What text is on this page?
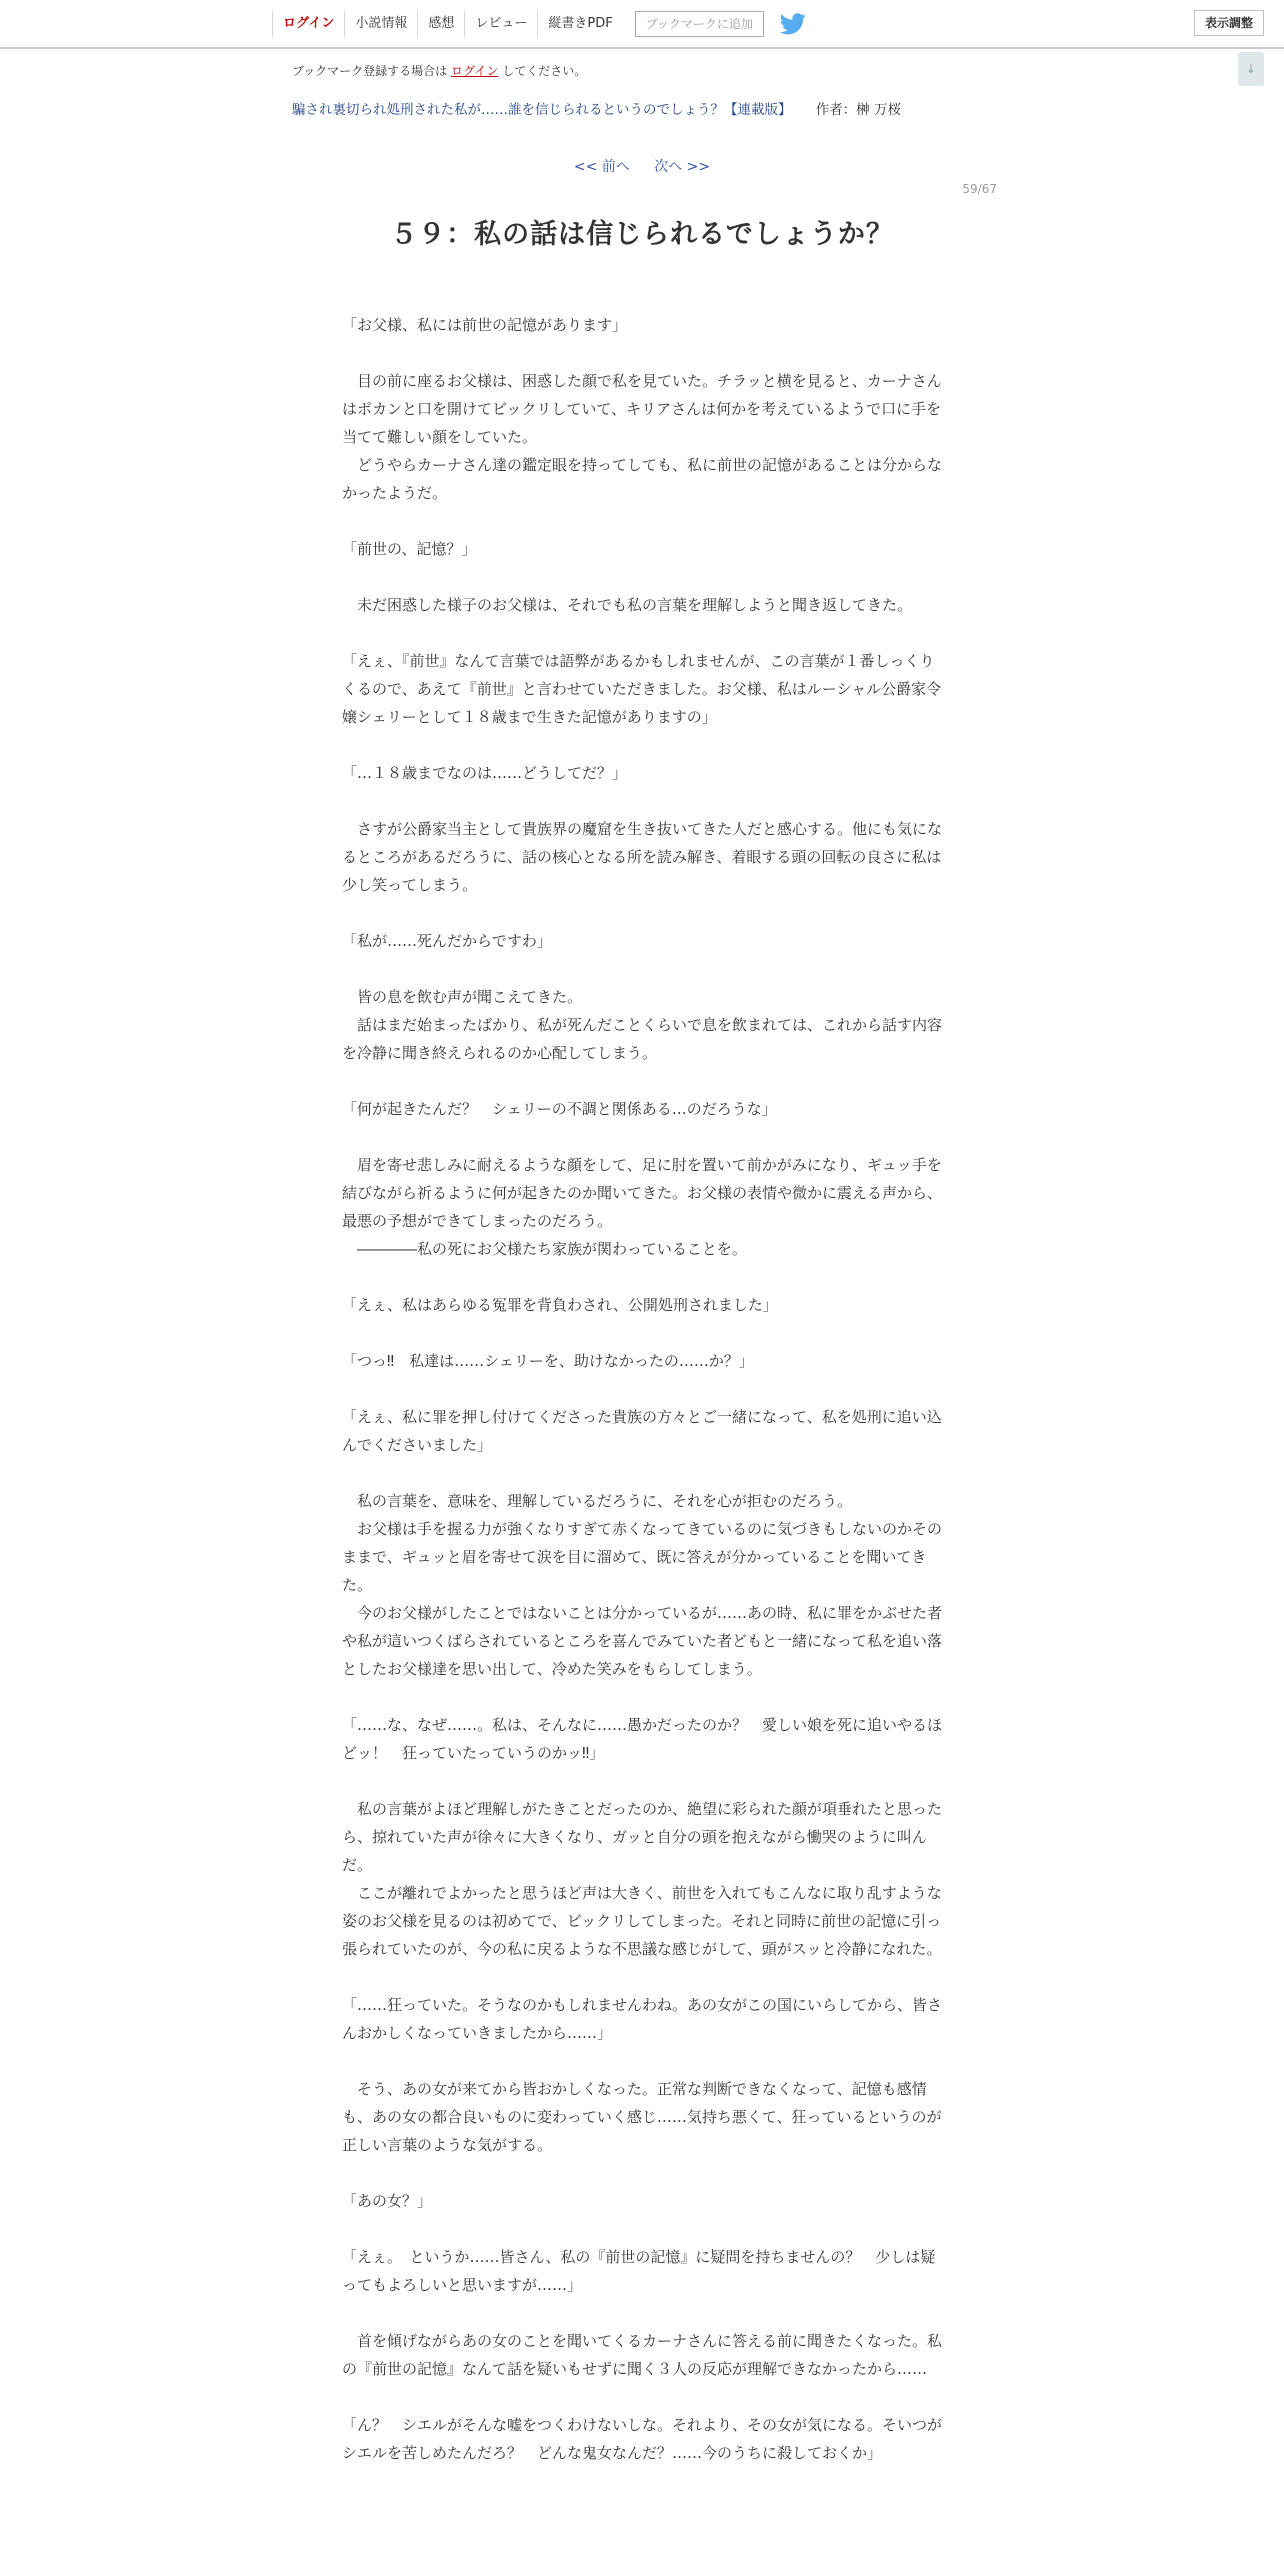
ログイン	小説情報	感想	レビュー	縦書きPDF	ブックマークに追加	表示調整
↓
ブックマーク登録する場合は ログイン してください。
騙され裏切られ処刑された私が……誰を信じられるというのでしょう？【連載版】 作者：榊 万桜
<< 前へ 次へ >>
59/67
５９：私の話は信じられるでしょうか？

「お父様、私には前世の記憶があります」

　目の前に座るお父様は、困惑した顔で私を見ていた。チラッと横を見ると、カーナさんはポカンと口を開けてビックリしていて、キリアさんは何かを考えているようで口に手を当てて難しい顔をしていた。

　どうやらカーナさん達の鑑定眼を持ってしても、私に前世の記憶があることは分からなかったようだ。

「前世の、記憶？」

　未だ困惑した様子のお父様は、それでも私の言葉を理解しようと聞き返してきた。

「えぇ、『前世』なんて言葉では語弊があるかもしれませんが、この言葉が１番しっくりくるので、あえて『前世』と言わせていただきました。お父様、私はルーシャル公爵家令嬢シェリーとして１８歳まで生きた記憶がありますの」

「…１８歳までなのは……どうしてだ？」

　さすが公爵家当主として貴族界の魔窟を生き抜いてきた人だと感心する。他にも気になるところがあるだろうに、話の核心となる所を読み解き、着眼する頭の回転の良さに私は少し笑ってしまう。

「私が……死んだからですわ」

　皆の息を飲む声が聞こえてきた。

　話はまだ始まったばかり、私が死んだことくらいで息を飲まれては、これから話す内容を冷静に聞き終えられるのか心配してしまう。

「何が起きたんだ？　シェリーの不調と関係ある…のだろうな」

　眉を寄せ悲しみに耐えるような顔をして、足に肘を置いて前かがみになり、ギュッ手を結びながら祈るように何が起きたのか聞いてきた。お父様の表情や微かに震える声から、最悪の予想ができてしまったのだろう。

　――――私の死にお父様たち家族が関わっていることを。

「えぇ、私はあらゆる冤罪を背負わされ、公開処刑されました」

「つっ‼　私達は……シェリーを、助けなかったの……か？」

「えぇ、私に罪を押し付けてくださった貴族の方々とご一緒になって、私を処刑に追い込んでくださいました」

　私の言葉を、意味を、理解しているだろうに、それを心が拒むのだろう。

　お父様は手を握る力が強くなりすぎて赤くなってきているのに気づきもしないのかそのままで、ギュッと眉を寄せて涙を目に溜めて、既に答えが分かっていることを聞いてきた。

　今のお父様がしたことではないことは分かっているが……あの時、私に罪をかぶせた者や私が這いつくばらされているところを喜んでみていた者どもと一緒になって私を追い落としたお父様達を思い出して、冷めた笑みをもらしてしまう。

「……な、なぜ……。私は、そんなに……愚かだったのか？　愛しい娘を死に追いやるほどッ！　狂っていたっていうのかッ‼」

　私の言葉がよほど理解しがたきことだったのか、絶望に彩られた顔が項垂れたと思ったら、掠れていた声が徐々に大きくなり、ガッと自分の頭を抱えながら慟哭のように叫んだ。

　ここが離れでよかったと思うほど声は大きく、前世を入れてもこんなに取り乱すような姿のお父様を見るのは初めてで、ビックリしてしまった。それと同時に前世の記憶に引っ張られていたのが、今の私に戻るような不思議な感じがして、頭がスッと冷静になれた。

「……狂っていた。そうなのかもしれませんわね。あの女がこの国にいらしてから、皆さんおかしくなっていきましたから……」

　そう、あの女が来てから皆おかしくなった。正常な判断できなくなって、記憶も感情も、あの女の都合良いものに変わっていく感じ……気持ち悪くて、狂っているというのが正しい言葉のような気がする。

「あの女？」

「えぇ。　というか……皆さん、私の『前世の記憶』に疑問を持ちませんの？　少しは疑ってもよろしいと思いますが……」

　首を傾げながらあの女のことを聞いてくるカーナさんに答える前に聞きたくなった。私の『前世の記憶』なんて話を疑いもせずに聞く３人の反応が理解できなかったから……

「ん？　シエルがそんな嘘をつくわけないしな。それより、その女が気になる。そいつがシエルを苦しめたんだろ？　どんな鬼女なんだ？……今のうちに殺しておくか」
